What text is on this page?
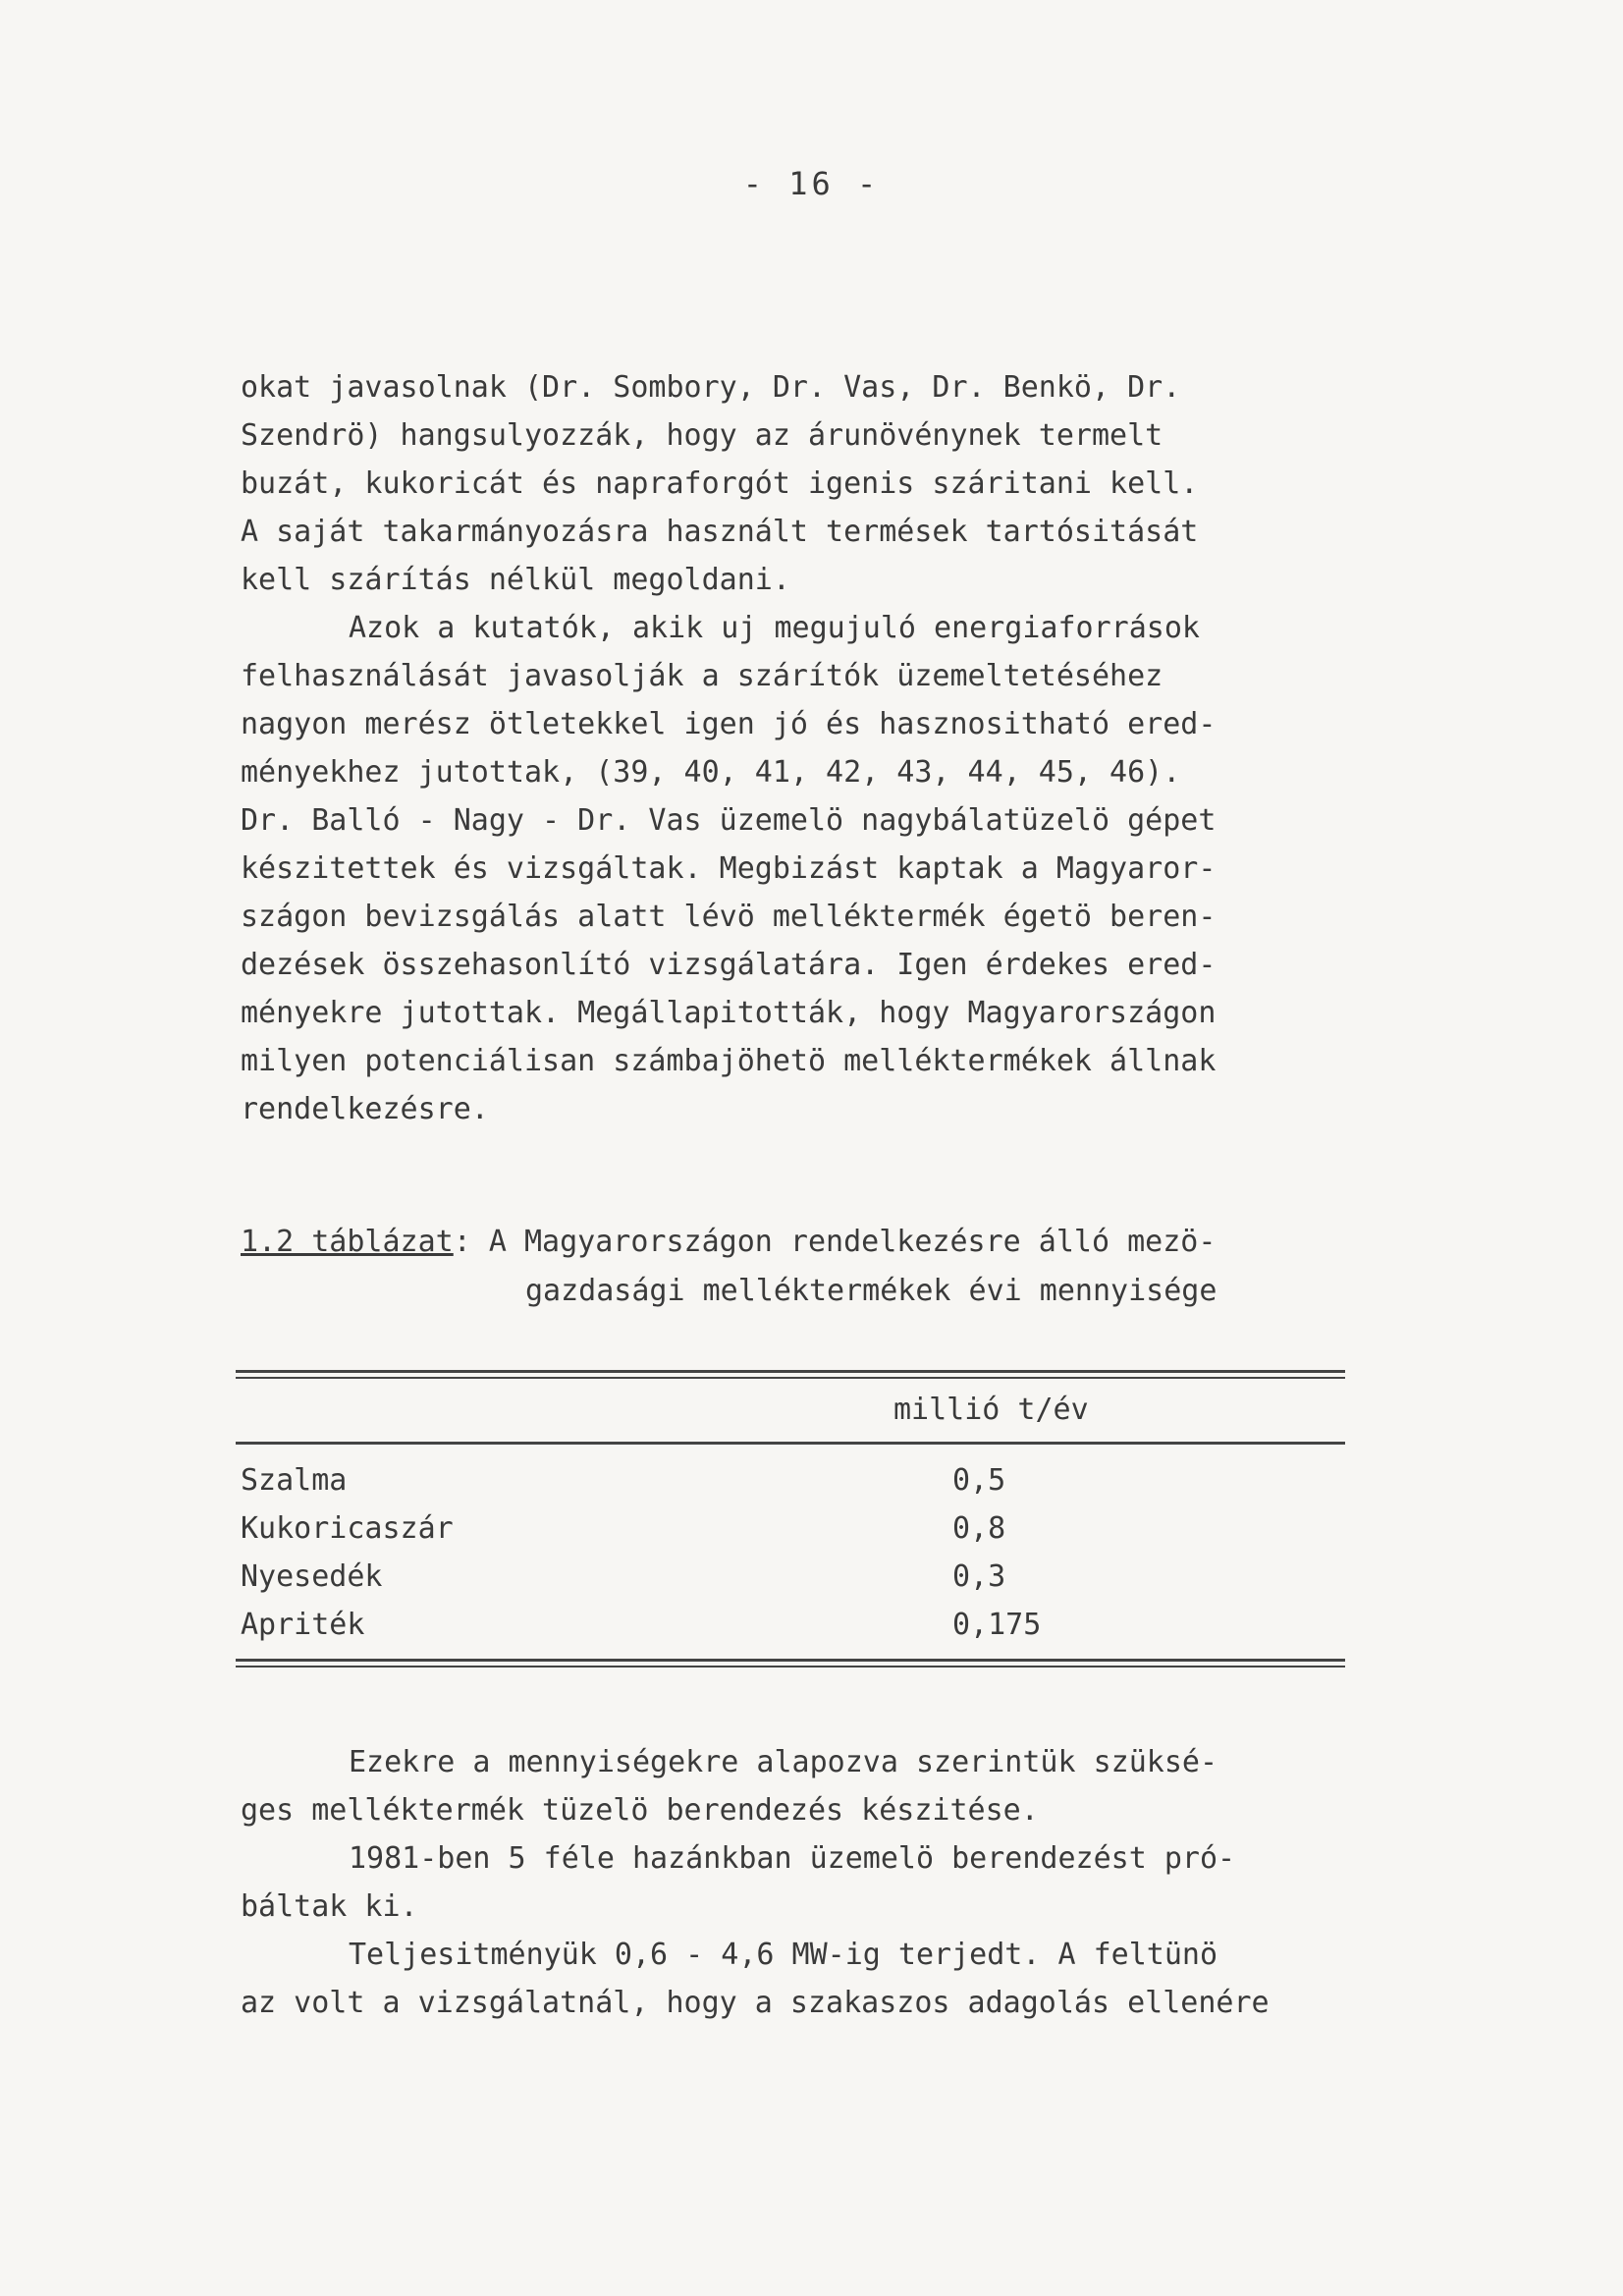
- 16 -
okat javasolnak (Dr. Sombory, Dr. Vas, Dr. Benkö, Dr.
Szendrö) hangsulyozzák, hogy az árunövénynek termelt
buzát, kukoricát és napraforgót igenis száritani kell.
A saját takarmányozásra használt termések tartósitását
kell szárítás nélkül megoldani.
Azok a kutatók, akik uj megujuló energiaforrások
felhasználását javasolják a szárítók üzemeltetéséhez
nagyon merész ötletekkel igen jó és hasznositható ered-
ményekhez jutottak, (39, 40, 41, 42, 43, 44, 45, 46).
Dr. Balló - Nagy - Dr. Vas üzemelö nagybálatüzelö gépet
készitettek és vizsgáltak. Megbizást kaptak a Magyaror-
szágon bevizsgálás alatt lévö melléktermék égetö beren-
dezések összehasonlító vizsgálatára. Igen érdekes ered-
ményekre jutottak. Megállapitották, hogy Magyarországon
milyen potenciálisan számbajöhetö melléktermékek állnak
rendelkezésre.
1.2 táblázat: A Magyarországon rendelkezésre álló mezö-
gazdasági melléktermékek évi mennyisége
millió t/év
Szalma	0,5
Kukoricaszár	0,8
Nyesedék	0,3
Apriték	0,175
Ezekre a mennyiségekre alapozva szerintük szüksé-
ges melléktermék tüzelö berendezés készitése.
1981-ben 5 féle hazánkban üzemelö berendezést pró-
báltak ki.
Teljesitményük 0,6 - 4,6 MW-ig terjedt. A feltünö
az volt a vizsgálatnál, hogy a szakaszos adagolás ellenére
